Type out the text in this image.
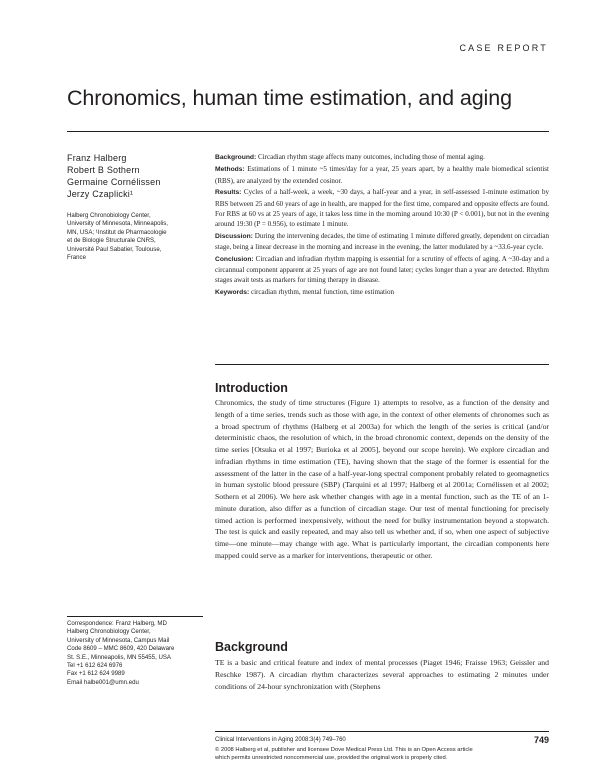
CASE REPORT
Chronomics, human time estimation, and aging

Franz Halberg

Robert B Sothern

Germaine Cornélissen

Jerzy Czaplicki¹

Halberg Chronobiology Center,
University of Minnesota, Minneapolis,
MN, USA; ¹Institut de Pharmacologie
et de Biologie Structurale CNRS,
Université Paul Sabatier, Toulouse,
France

Background: Circadian rhythm stage affects many outcomes, including those of mental aging.

Methods: Estimations of 1 minute ~5 times/day for a year, 25 years apart, by a healthy male biomedical scientist (RBS), are analyzed by the extended cosinor.

Results: Cycles of a half-week, a week, ~30 days, a half-year and a year, in self-assessed 1-minute estimation by RBS between 25 and 60 years of age in health, are mapped for the first time, compared and opposite effects are found. For RBS at 60 vs at 25 years of age, it takes less time in the morning around 10:30 (P < 0.001), but not in the evening around 19:30 (P = 0.956), to estimate 1 minute.

Discussion: During the intervening decades, the time of estimating 1 minute differed greatly, dependent on circadian stage, being a linear decrease in the morning and increase in the evening, the latter modulated by a ~33.6-year cycle.

Conclusion: Circadian and infradian rhythm mapping is essential for a scrutiny of effects of aging. A ~30-day and a circannual component apparent at 25 years of age are not found later; cycles longer than a year are detected. Rhythm stages await tests as markers for timing therapy in disease.

Keywords: circadian rhythm, mental function, time estimation

Introduction

Chronomics, the study of time structures (Figure 1) attempts to resolve, as a function of the density and length of a time series, trends such as those with age, in the context of other elements of chronomes such as a broad spectrum of rhythms (Halberg et al 2003a) for which the length of the series is critical (and/or deterministic chaos, the resolution of which, in the broad chronomic context, depends on the density of the time series [Otsuka et al 1997; Burioka et al 2005], beyond our scope herein). We explore circadian and infradian rhythms in time estimation (TE), having shown that the stage of the former is essential for the assessment of the latter in the case of a half-year-long spectral component probably related to geomagnetics in human systolic blood pressure (SBP) (Tarquini et al 1997; Halberg et al 2001a; Cornélissen et al 2002; Sothern et al 2006). We here ask whether changes with age in a mental function, such as the TE of an 1-minute duration, also differ as a function of circadian stage. Our test of mental functioning for precisely timed action is performed inexpensively, without the need for bulky instrumentation beyond a stopwatch. The test is quick and easily repeated, and may also tell us whether and, if so, when one aspect of subjective time—one minute—may change with age. What is particularly important, the circadian components here mapped could serve as a marker for interventions, therapeutic or other.

Background

TE is a basic and critical feature and index of mental processes (Piaget 1946; Fraisse 1963; Geissler and Reschke 1987). A circadian rhythm characterizes several approaches to estimating 2 minutes under conditions of 24-hour synchronization with (Stephens

Correspondence: Franz Halberg, MD
Halberg Chronobiology Center,
University of Minnesota, Campus Mail
Code 8609 – MMC 8609, 420 Delaware
St. S.E., Minneapolis, MN 55455, USA
Tel +1 612 624 6976
Fax +1 612 624 9989
Email halbe001@umn.edu
Clinical Interventions in Aging 2008:3(4) 749–760	749
© 2008 Halberg et al, publisher and licensee Dove Medical Press Ltd. This is an Open Access article
which permits unrestricted noncommercial use, provided the original work is properly cited.
